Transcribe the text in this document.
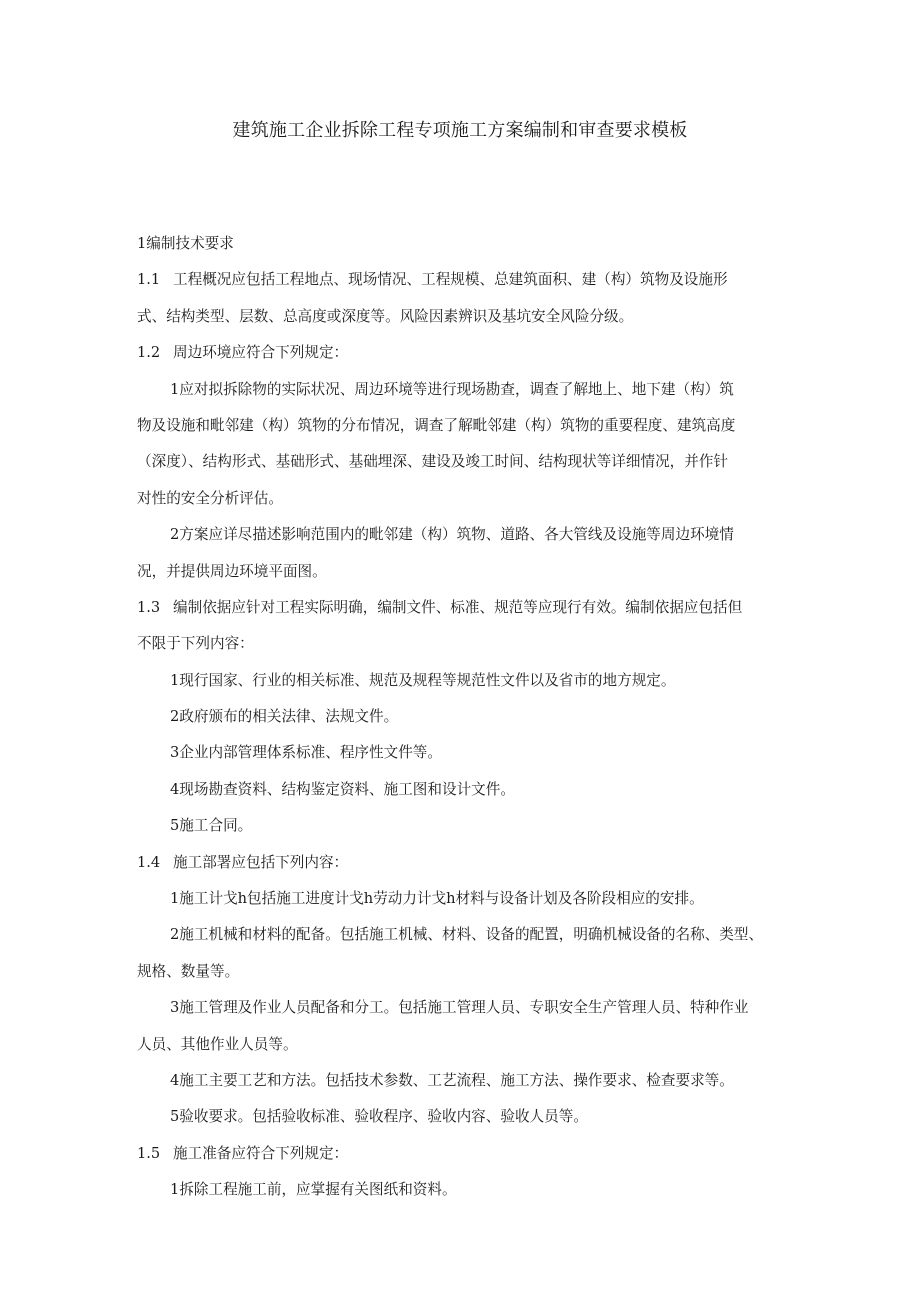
建筑施工企业拆除工程专项施工方案编制和审查要求模板
1编制技术要求
1.1 工程概况应包括工程地点、现场情况、工程规模、总建筑面积、建（构）筑物及设施形
式、结构类型、层数、总高度或深度等。风险因素辨识及基坑安全风险分级。
1.2 周边环境应符合下列规定：
1应对拟拆除物的实际状况、周边环境等进行现场勘查，调查了解地上、地下建（构）筑
物及设施和毗邻建（构）筑物的分布情况，调查了解毗邻建（构）筑物的重要程度、建筑高度
（深度）、结构形式、基础形式、基础埋深、建设及竣工时间、结构现状等详细情况，并作针
对性的安全分析评估。
2方案应详尽描述影响范围内的毗邻建（构）筑物、道路、各大管线及设施等周边环境情
况，并提供周边环境平面图。
1.3 编制依据应针对工程实际明确，编制文件、标准、规范等应现行有效。编制依据应包括但
不限于下列内容：
1现行国家、行业的相关标准、规范及规程等规范性文件以及省市的地方规定。
2政府颁布的相关法律、法规文件。
3企业内部管理体系标准、程序性文件等。
4现场勘查资料、结构鉴定资料、施工图和设计文件。
5施工合同。
1.4 施工部署应包括下列内容：
1施工计戈h包括施工进度计戈h劳动力计戈h材料与设备计划及各阶段相应的安排。
2施工机械和材料的配备。包括施工机械、材料、设备的配置，明确机械设备的名称、类型、
规格、数量等。
3施工管理及作业人员配备和分工。包括施工管理人员、专职安全生产管理人员、特种作业
人员、其他作业人员等。
4施工主要工艺和方法。包括技术参数、工艺流程、施工方法、操作要求、检查要求等。
5验收要求。包括验收标准、验收程序、验收内容、验收人员等。
1.5 施工准备应符合下列规定：
1拆除工程施工前，应掌握有关图纸和资料。
